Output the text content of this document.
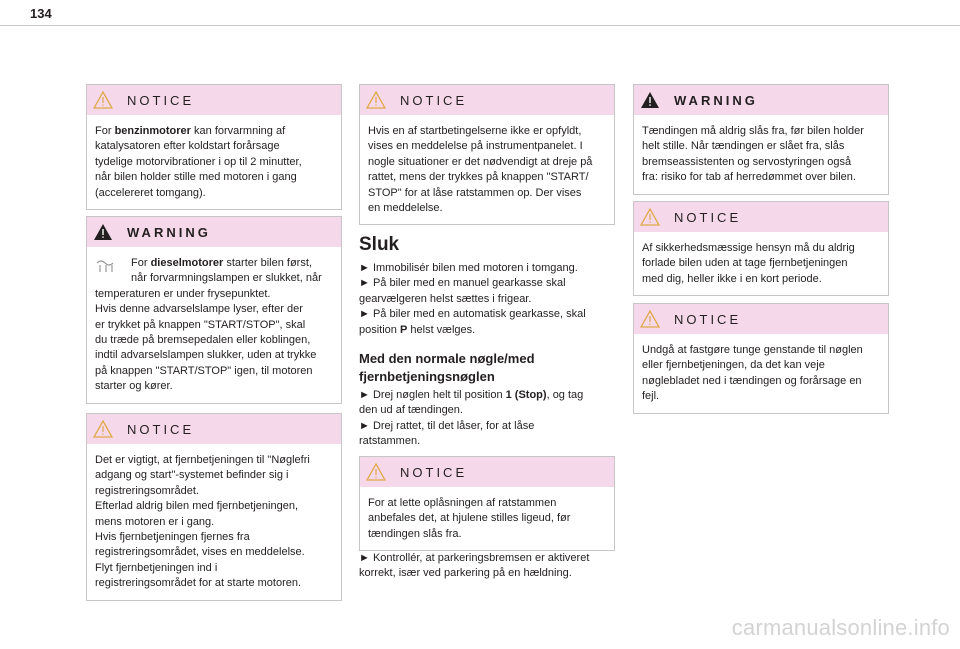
134
NOTICE

For benzinmotorer kan forvarmning af

katalysatoren efter koldstart forårsage

tydelige motorvibrationer i op til 2 minutter,

når bilen holder stille med motoren i gang

(accelereret tomgang).

WARNING

For dieselmotorer starter bilen først,

når forvarmningslampen er slukket, når

temperaturen er under frysepunktet.

Hvis denne advarselslampe lyser, efter der

er trykket på knappen "START/STOP", skal

du træde på bremsepedalen eller koblingen,

indtil advarselslampen slukker, uden at trykke

på knappen "START/STOP" igen, til motoren

starter og kører.

NOTICE

Det er vigtigt, at fjernbetjeningen til "Nøglefri

adgang og start"-systemet befinder sig i

registreringsområdet.

Efterlad aldrig bilen med fjernbetjeningen,

mens motoren er i gang.

Hvis fjernbetjeningen fjernes fra

registreringsområdet, vises en meddelelse.

Flyt fjernbetjeningen ind i

registreringsområdet for at starte motoren.

NOTICE

Hvis en af startbetingelserne ikke er opfyldt,

vises en meddelelse på instrumentpanelet. I

nogle situationer er det nødvendigt at dreje på

rattet, mens der trykkes på knappen "START/

STOP" for at låse ratstammen op. Der vises

en meddelelse.

Sluk

► Immobilisér bilen med motoren i tomgang.

► På biler med en manuel gearkasse skal

gearvælgeren helst sættes i frigear.

► På biler med en automatisk gearkasse, skal

position P helst vælges.

Med den normale nøgle/med
fjernbetjeningsnøglen

► Drej nøglen helt til position 1 (Stop), og tag

den ud af tændingen.

► Drej rattet, til det låser, for at låse

ratstammen.

NOTICE

For at lette oplåsningen af ratstammen

anbefales det, at hjulene stilles ligeud, før

tændingen slås fra.

► Kontrollér, at parkeringsbremsen er aktiveret

korrekt, især ved parkering på en hældning.

WARNING

Tændingen må aldrig slås fra, før bilen holder

helt stille. Når tændingen er slået fra, slås

bremseassistenten og servostyringen også

fra: risiko for tab af herredømmet over bilen.

NOTICE

Af sikkerhedsmæssige hensyn må du aldrig

forlade bilen uden at tage fjernbetjeningen

med dig, heller ikke i en kort periode.

NOTICE

Undgå at fastgøre tunge genstande til nøglen

eller fjernbetjeningen, da det kan veje

nøglebladet ned i tændingen og forårsage en

fejl.

carmanualsonline.info
